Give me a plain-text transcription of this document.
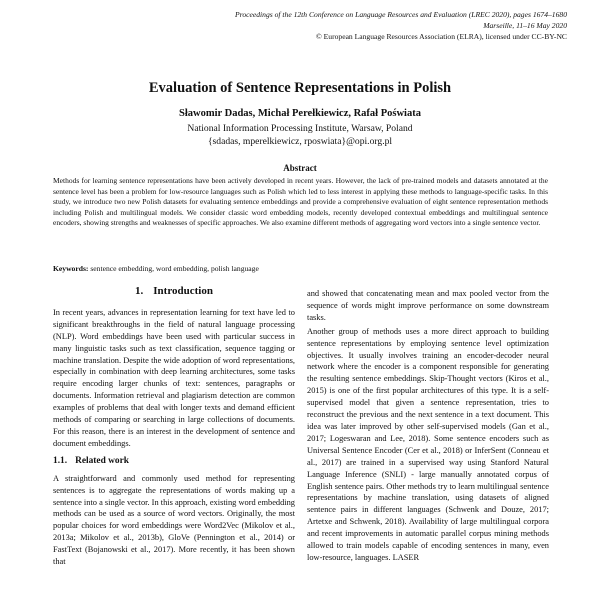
Proceedings of the 12th Conference on Language Resources and Evaluation (LREC 2020), pages 1674–1680
Marseille, 11–16 May 2020
© European Language Resources Association (ELRA), licensed under CC-BY-NC
Evaluation of Sentence Representations in Polish
Sławomir Dadas, Michał Perełkiewicz, Rafał Poświata
National Information Processing Institute, Warsaw, Poland
{sdadas, mperelkiewicz, rposwiata}@opi.org.pl
Abstract
Methods for learning sentence representations have been actively developed in recent years. However, the lack of pre-trained models and datasets annotated at the sentence level has been a problem for low-resource languages such as Polish which led to less interest in applying these methods to language-specific tasks. In this study, we introduce two new Polish datasets for evaluating sentence embeddings and provide a comprehensive evaluation of eight sentence representation methods including Polish and multilingual models. We consider classic word embedding models, recently developed contextual embeddings and multilingual sentence encoders, showing strengths and weaknesses of specific approaches. We also examine different methods of aggregating word vectors into a single sentence vector.
Keywords: sentence embedding, word embedding, polish language
1. Introduction

In recent years, advances in representation learning for text have led to significant breakthroughs in the field of natural language processing (NLP). Word embeddings have been used with particular success in many linguistic tasks such as text classification, sequence tagging or machine translation. Despite the wide adoption of word representations, especially in combination with deep learning architectures, some tasks require encoding larger chunks of text: sentences, paragraphs or documents. Information retrieval and plagiarism detection are common examples of problems that deal with longer texts and demand efficient methods of comparing or searching in large collections of documents. For this reason, there is an interest in the development of sentence and document embeddings.

1.1. Related work

A straightforward and commonly used method for representing sentences is to aggregate the representations of words making up a sentence into a single vector. In this approach, existing word embedding methods can be used as a source of word vectors. Originally, the most popular choices for word embeddings were Word2Vec (Mikolov et al., 2013a; Mikolov et al., 2013b), GloVe (Pennington et al., 2014) or FastText (Bojanowski et al., 2017). More recently, it has been shown that

and showed that concatenating mean and max pooled vector from the sequence of words might improve performance on some downstream tasks.

Another group of methods uses a more direct approach to building sentence representations by employing sentence level optimization objectives. It usually involves training an encoder-decoder neural network where the encoder is a component responsible for generating the resulting sentence embeddings. Skip-Thought vectors (Kiros et al., 2015) is one of the first popular architectures of this type. It is a self-supervised model that given a sentence representation, tries to reconstruct the previous and the next sentence in a text document. This idea was later improved by other self-supervised models (Gan et al., 2017; Logeswaran and Lee, 2018). Some sentence encoders such as Universal Sentence Encoder (Cer et al., 2018) or InferSent (Conneau et al., 2017) are trained in a supervised way using Stanford Natural Language Inference (SNLI) - large manually annotated corpus of English sentence pairs. Other methods try to learn multilingual sentence representations by machine translation, using datasets of aligned sentence pairs in different languages (Schwenk and Douze, 2017; Artetxe and Schwenk, 2018). Availability of large multilingual corpora and recent improvements in automatic parallel corpus mining methods allowed to train models capable of encoding sentences in many, even low-resource, languages. LASER
